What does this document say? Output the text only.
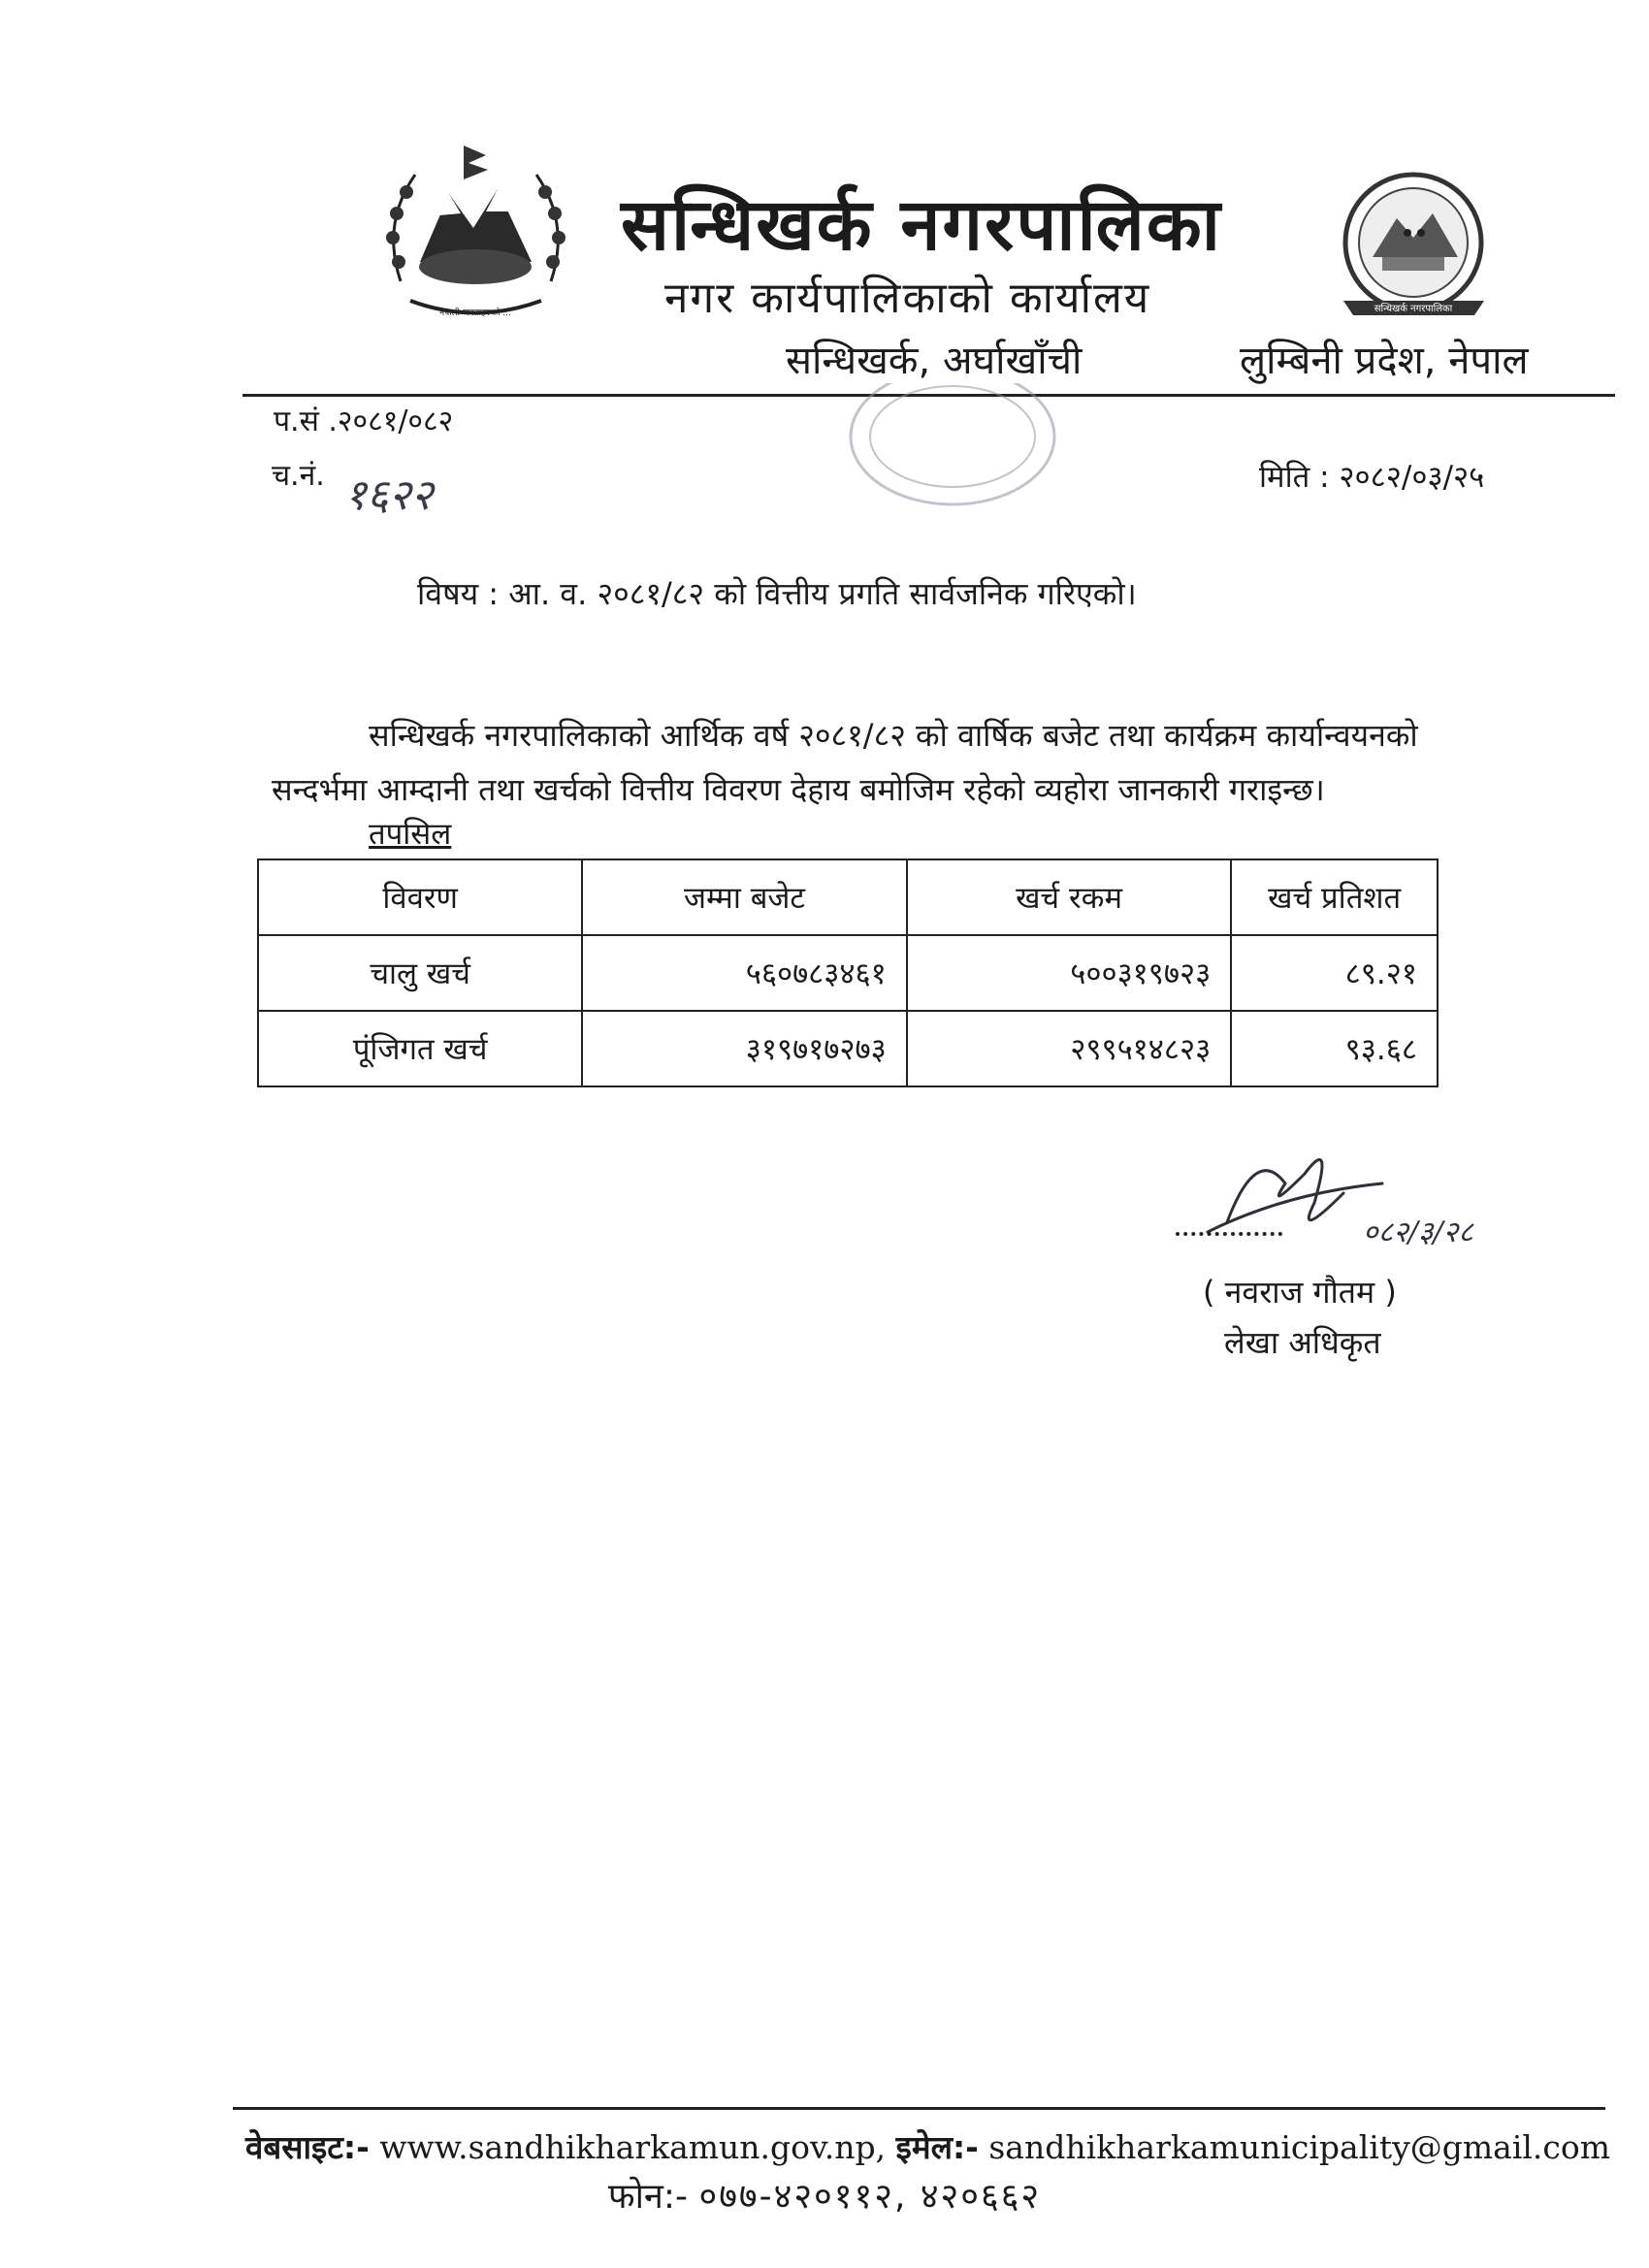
नेपाली जनताहरुको ...	सन्धिखर्क नगरपालिका
सन्धिखर्क नगरपालिका
नगर कार्यपालिकाको कार्यालय
सन्धिखर्क, अर्घाखाँची	लुम्बिनी प्रदेश, नेपाल
प.सं .२०८१/०८२
च.नं. १६२२	मिति : २०८२/०३/२५
विषय : आ. व. २०८१/८२ को वित्तीय प्रगति सार्वजनिक गरिएको।

सन्धिखर्क नगरपालिकाको आर्थिक वर्ष २०८१/८२ को वार्षिक बजेट तथा कार्यक्रम कार्यान्वयनको सन्दर्भमा आम्दानी तथा खर्चको वित्तीय विवरण देहाय बमोजिम रहेको व्यहोरा जानकारी गराइन्छ।

तपसिल
विवरण	जम्मा बजेट	खर्च रकम	खर्च प्रतिशत
चालु खर्च	५६०७८३४६१	५००३१९७२३	८९.२१
पूंजिगत खर्च	३१९७१७२७३	२९९५१४८२३	९३.६८
०८२/३/२८
( नवराज गौतम )
लेखा अधिकृत
वेबसाइट:- www.sandhikharkamun.gov.np, इमेल:- sandhikharkamunicipality@gmail.com
फोन:- ०७७-४२०११२, ४२०६६२
